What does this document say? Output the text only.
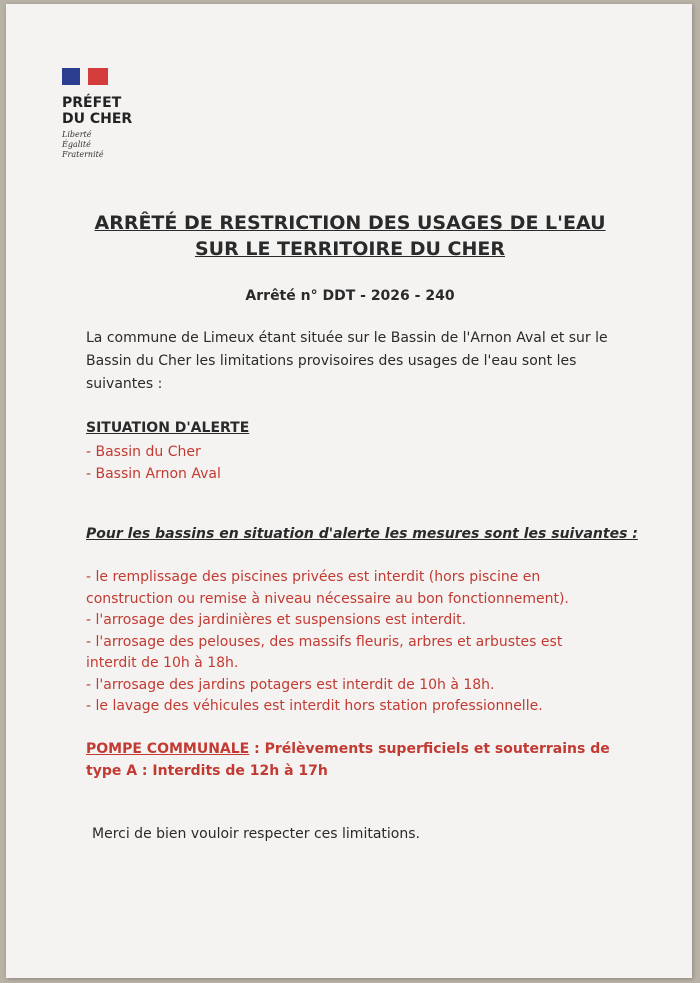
PRÉFET
DU CHER
Liberté
Égalité
Fraternité
ARRÊTÉ DE RESTRICTION DES USAGES DE L'EAU
SUR LE TERRITOIRE DU CHER
Arrêté n° DDT - 2026 - 240
La commune de Limeux étant située sur le Bassin de l'Arnon Aval et sur le Bassin du Cher les limitations provisoires des usages de l'eau sont les suivantes :
SITUATION D'ALERTE
- Bassin du Cher
- Bassin Arnon Aval
Pour les bassins en situation d'alerte les mesures sont les suivantes :
- le remplissage des piscines privées est interdit (hors piscine en construction ou remise à niveau nécessaire au bon fonctionnement).
- l'arrosage des jardinières et suspensions est interdit.
- l'arrosage des pelouses, des massifs fleuris, arbres et arbustes est interdit de 10h à 18h.
- l'arrosage des jardins potagers est interdit de 10h à 18h.
- le lavage des véhicules est interdit hors station professionnelle.
POMPE COMMUNALE : Prélèvements superficiels et souterrains de type A : Interdits de 12h à 17h
Merci de bien vouloir respecter ces limitations.
